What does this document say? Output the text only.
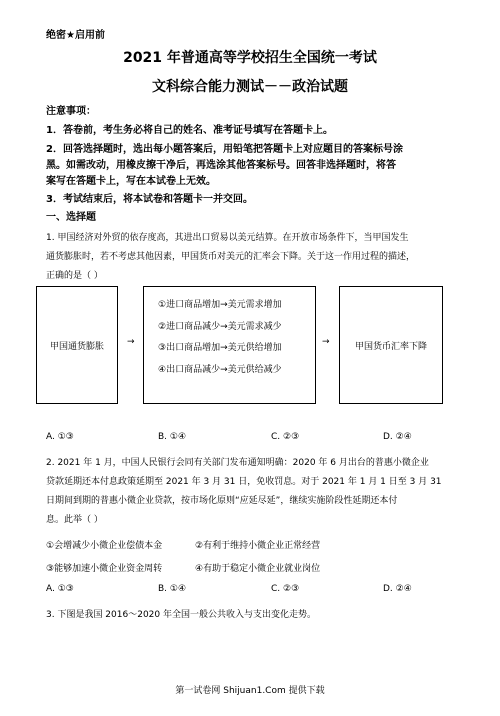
绝密★启用前
2021 年普通高等学校招生全国统一考试
文科综合能力测试－－政治试题
注意事项：
1．答卷前，考生务必将自己的姓名、准考证号填写在答题卡上。
2．回答选择题时，选出每小题答案后，用铅笔把答题卡上对应题目的答案标号涂
黑。如需改动，用橡皮擦干净后，再选涂其他答案标号。回答非选择题时，将答
案写在答题卡上，写在本试卷上无效。
3．考试结束后，将本试卷和答题卡一并交回。
一、选择题
1. 甲国经济对外贸的依存度高，其进出口贸易以美元结算。在开放市场条件下，当甲国发生
通货膨胀时，若不考虑其他因素，甲国货币对美元的汇率会下降。关于这一作用过程的描述，
正确的是（ ）
甲国通货膨胀	→
①进口商品增加→美元需求增加
②进口商品减少→美元需求减少
③出口商品增加→美元供给增加
④出口商品减少→美元供给减少
→	甲国货币汇率下降
A. ①③	B. ①④	C. ②③	D. ②④
2. 2021 年 1 月，中国人民银行会同有关部门发布通知明确：2020 年 6 月出台的普惠小微企业
贷款延期还本付息政策延期至 2021 年 3 月 31 日，免收罚息。对于 2021 年 1 月 1 日至 3 月 31
日期间到期的普惠小微企业贷款，按市场化原则“应延尽延”，继续实施阶段性延期还本付
息。此举（ ）
①会增减少小微企业偿债本金	②有利于维持小微企业正常经营
③能够加速小微企业资金周转	④有助于稳定小微企业就业岗位
A. ①③	B. ①④	C. ②③	D. ②④
3. 下图是我国 2016～2020 年全国一般公共收入与支出变化走势。
第一试卷网 Shijuan1.Com 提供下载
